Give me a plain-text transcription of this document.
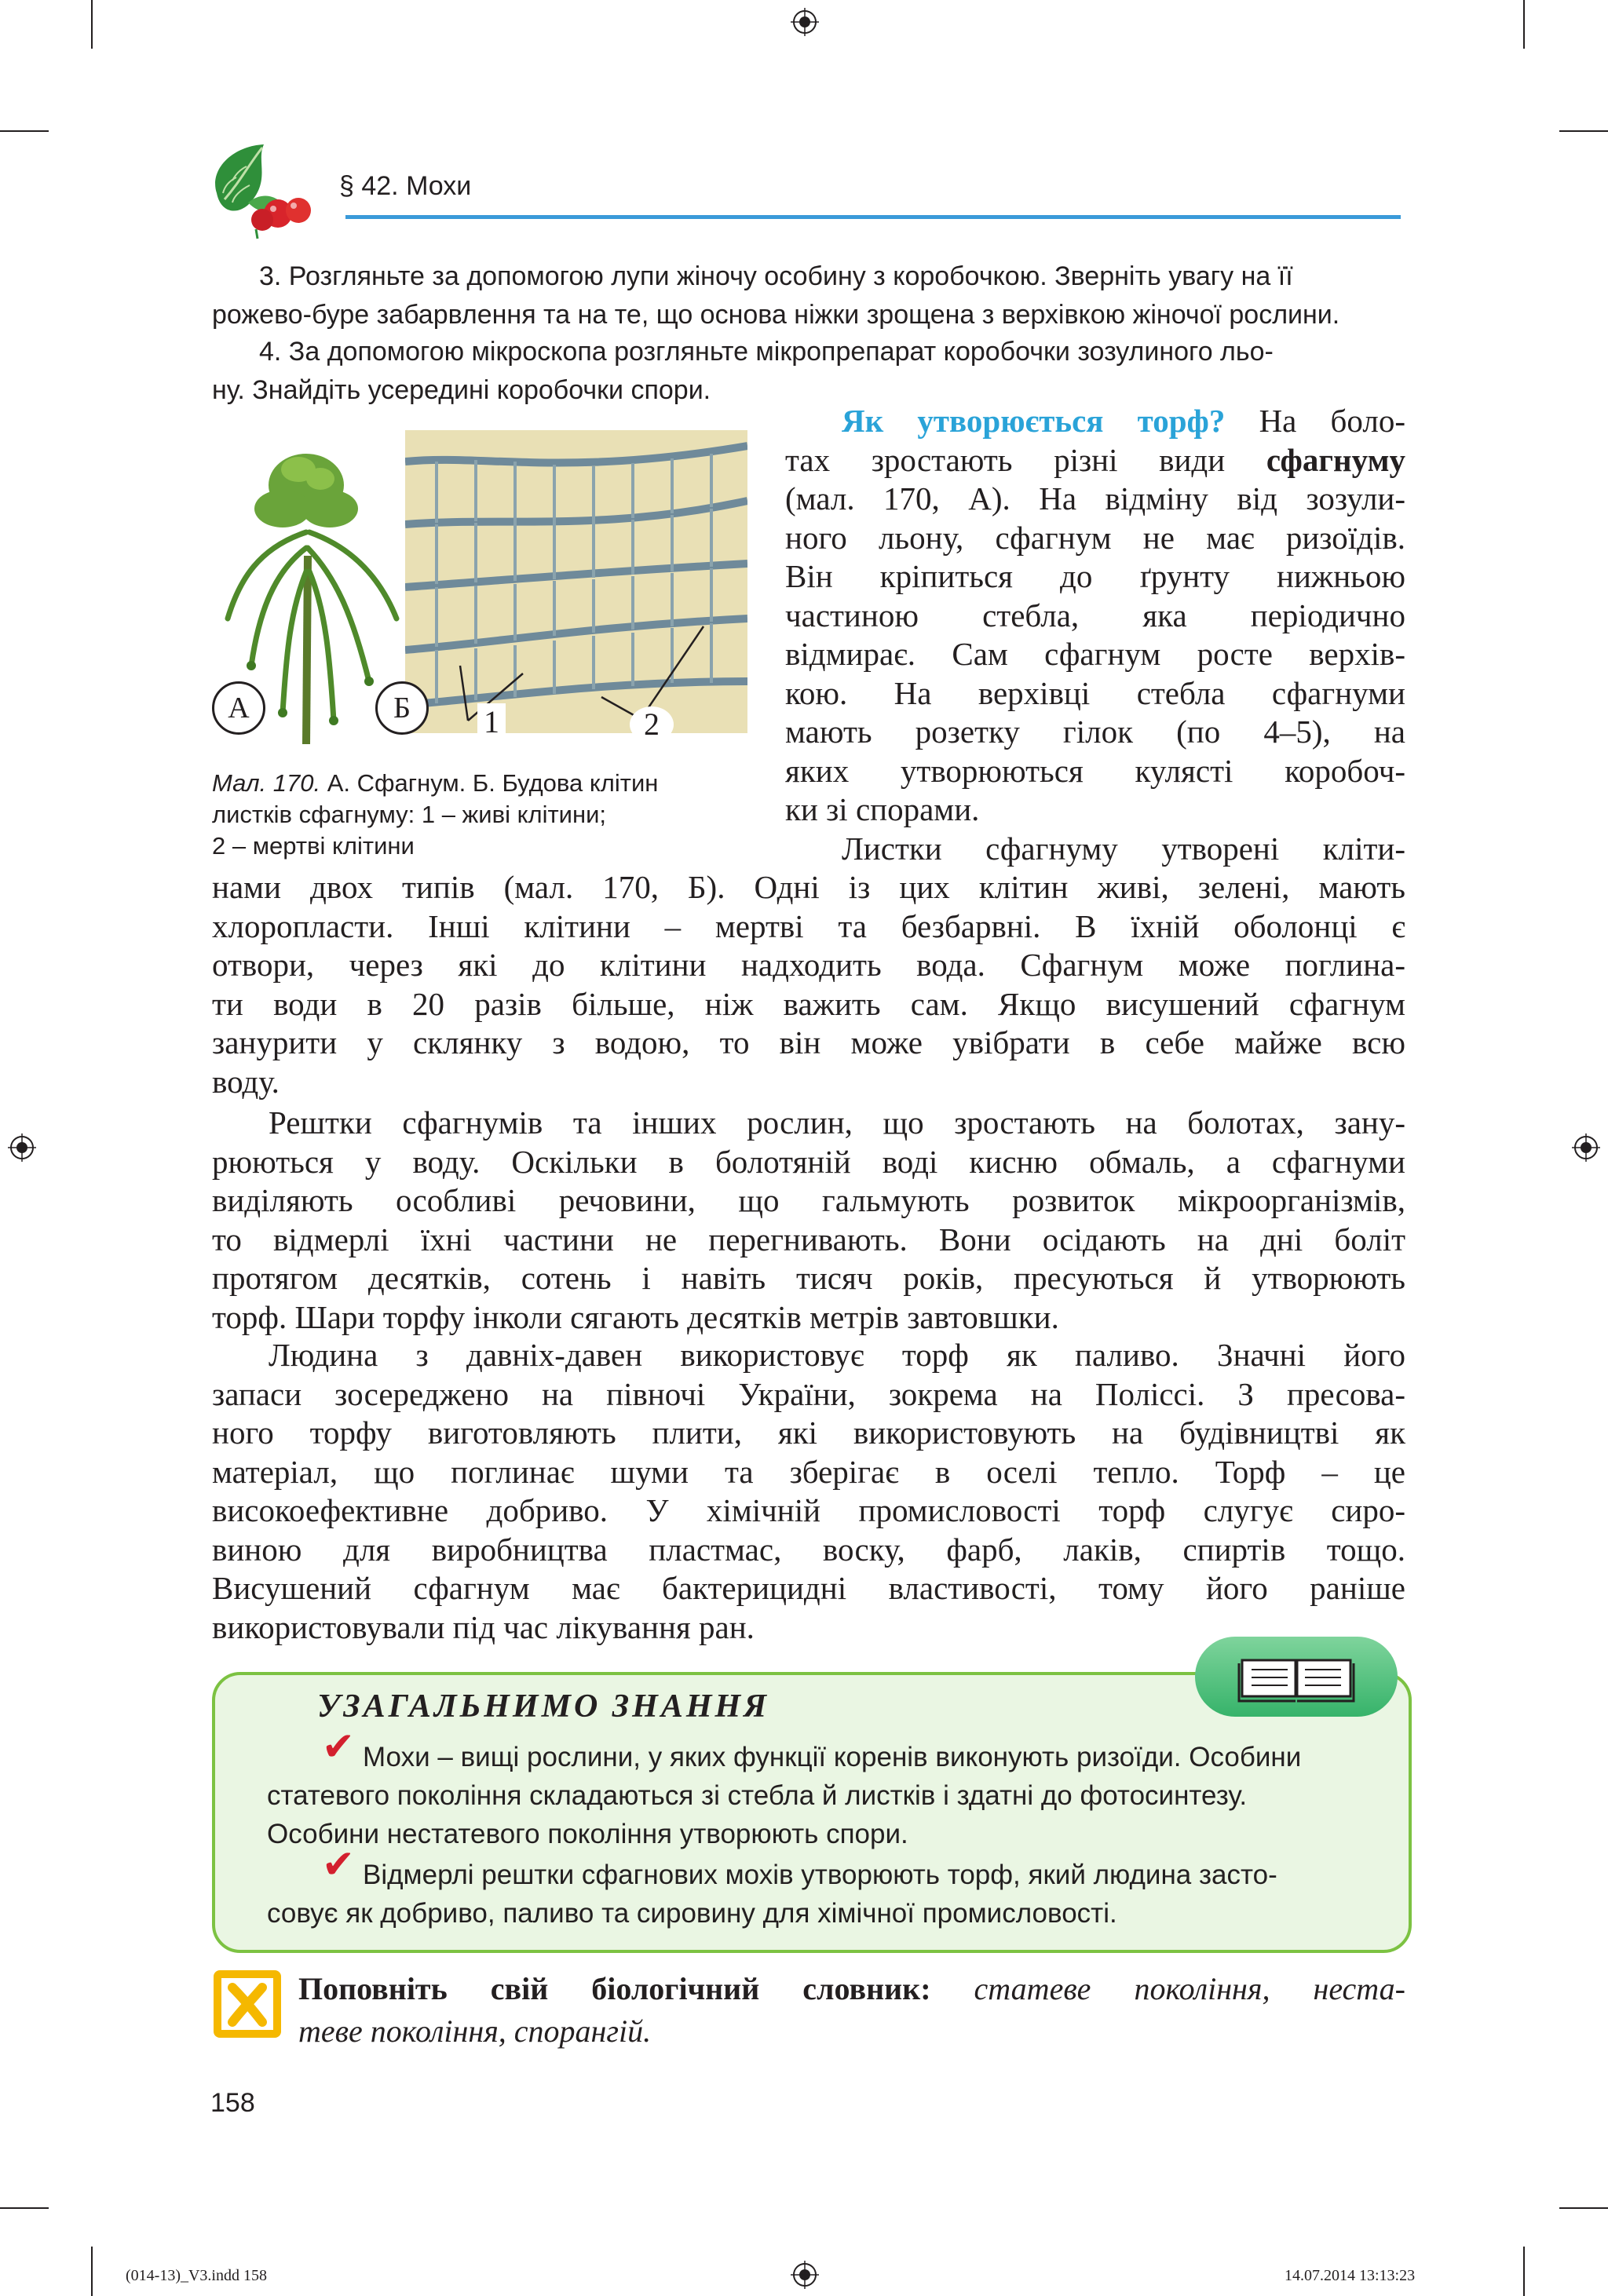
§ 42. Мохи
3. Розгляньте за допомогою лупи жіночу особину з коробочкою. Зверніть увагу на її
рожево-буре забарвлення та на те, що основа ніжки зрощена з верхівкою жіночої рослини.
4. За допомогою мікроскопа розгляньте мікропрепарат коробочки зозулиного льо-
ну. Знайдіть усередині коробочки спори.
А	Б	1	2
Мал. 170. А. Сфагнум. Б. Будова клітин
листків сфагнуму: 1 – живі клітини;
2 – мертві клітини
Як утворюється торф? На боло-
тах зростають різні види сфагнуму
(мал. 170, А). На відміну від зозули-
ного льону, сфагнум не має ризоїдів.
Він кріпиться до ґрунту нижньою
частиною стебла, яка періодично
відмирає. Сам сфагнум росте верхів-
кою. На верхівці стебла сфагнуми
мають розетку гілок (по 4–5), на
яких утворюються кулясті коробоч-
ки зі спорами.
Листки сфагнуму утворені клiти-
нами двох типів (мал. 170, Б). Одні із цих клітин живі, зелені, мають
хлоропласти. Інші клітини – мертві та безбарвні. В їхній оболонці є
отвори, через які до клітини надходить вода. Сфагнум може поглина-
ти води в 20 разів більше, ніж важить сам. Якщо висушений сфагнум
занурити у склянку з водою, то він може увібрати в себе майже всю
воду.
Рештки сфагнумів та інших рослин, що зростають на болотах, зану-
рюються у воду. Оскільки в болотяній воді кисню обмаль, а сфагнуми
виділяють особливі речовини, що гальмують розвиток мікроорганізмів,
то відмерлі їхні частини не перегнивають. Вони осідають на дні боліт
протягом десятків, сотень і навіть тисяч років, пресуються й утворюють
торф. Шари торфу інколи сягають десятків метрів завтовшки.
Людина з давніх-давен використовує торф як паливо. Значні його
запаси зосереджено на півночі України, зокрема на Поліссі. З пресова-
ного торфу виготовляють плити, які використовують на будівництві як
матеріал, що поглинає шуми та зберігає в оселі тепло. Торф – це
високоефективне добриво. У хімічній промисловості торф слугує сиро-
виною для виробництва пластмас, воску, фарб, лаків, спиртів тощо.
Висушений сфагнум має бактерицидні властивості, тому його раніше
використовували під час лікування ран.
УЗАГАЛЬНИМО ЗНАННЯ
✔ Мохи – вищі рослини, у яких функції коренів виконують ризоїди. Особини
статевого покоління складаються зі стебла й листків і здатні до фотосинтезу.
Особини нестатевого покоління утворюють спори.
✔ Відмерлі рештки сфагнових мохів утворюють торф, який людина засто-
совує як добриво, паливо та сировину для хімічної промисловості.
Поповніть свій біологічний словник: статеве покоління, неста-
теве покоління, спорангій.
158
(014-13)_V3.indd 158	14.07.2014 13:13:23
